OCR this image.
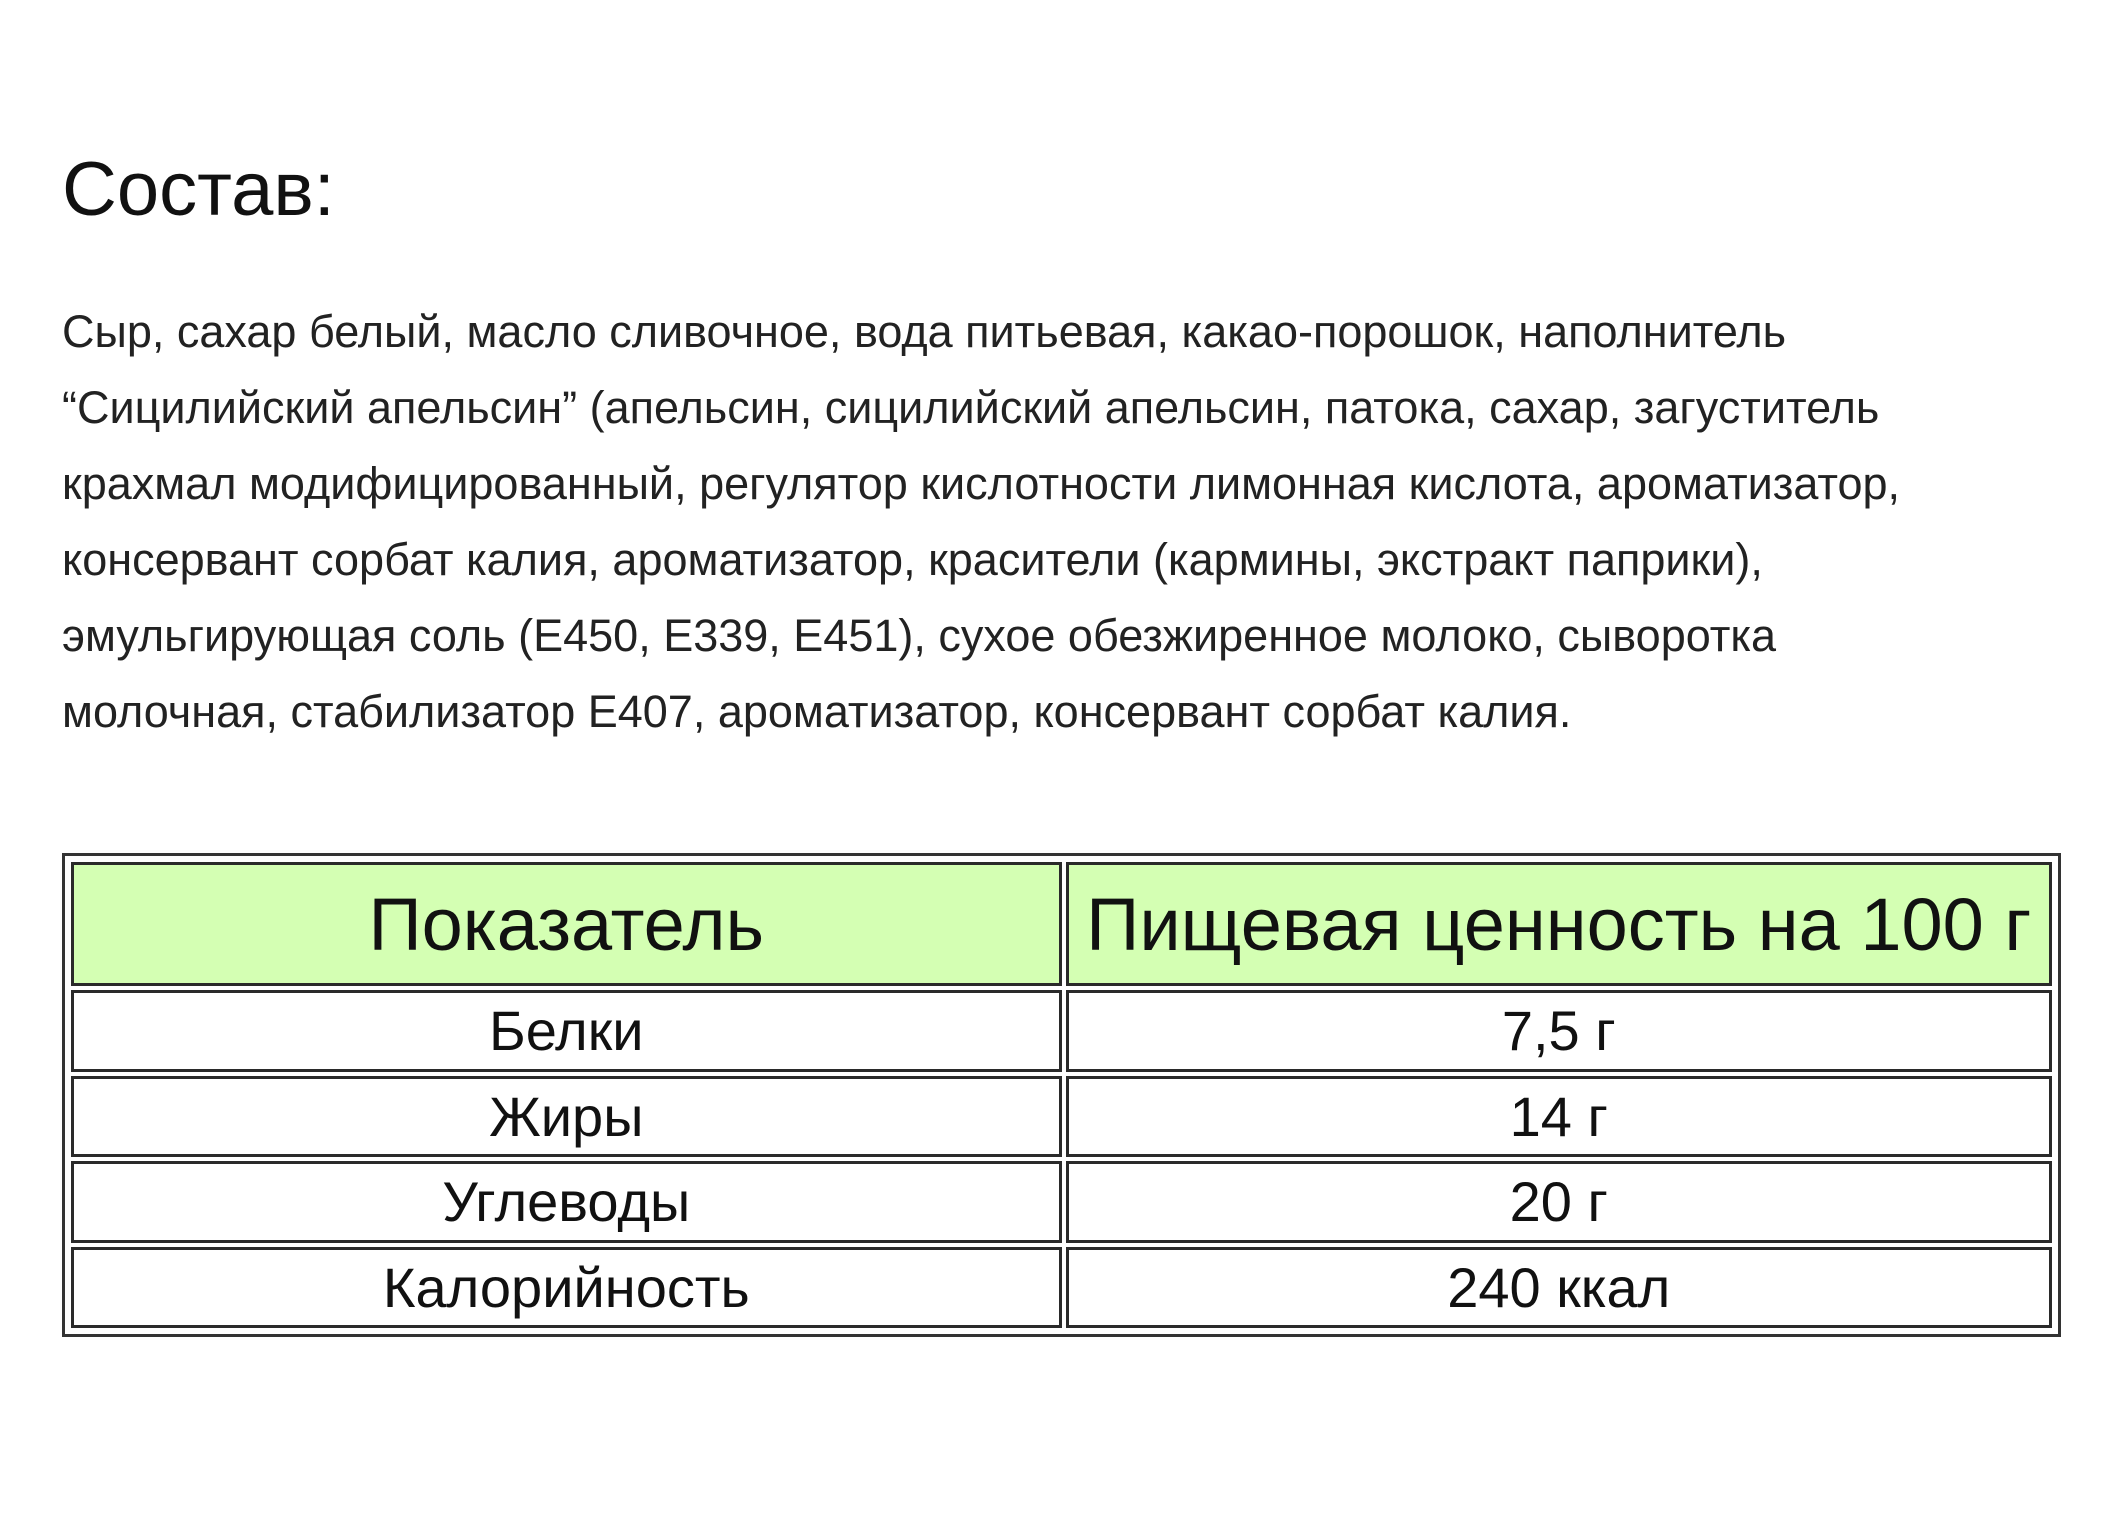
Состав:

Сыр, сахар белый, масло сливочное, вода питьевая, какао-порошок, наполнитель
“Сицилийский апельсин” (апельсин, сицилийский апельсин, патока, сахар, загуститель
крахмал модифицированный, регулятор кислотности лимонная кислота, ароматизатор,
консервант сорбат калия, ароматизатор, красители (кармины, экстракт паприки),
эмульгирующая соль (Е450, Е339, Е451), сухое обезжиренное молоко, сыворотка
молочная, стабилизатор Е407, ароматизатор, консервант сорбат калия.

Показатель	Пищевая ценность на 100 г
Белки	7,5 г
Жиры	14 г
Углеводы	20 г
Калорийность	240 ккал
